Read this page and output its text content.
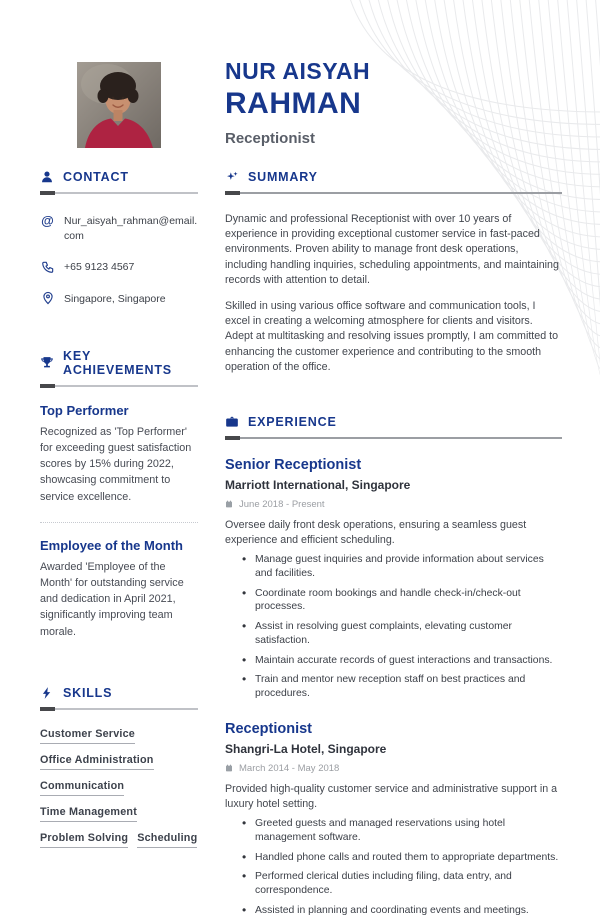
NUR AISYAH
RAHMAN
Receptionist
CONTACT
@
Nur_aisyah_rahman@email.com
+65 9123 4567
Singapore, Singapore
KEY ACHIEVEMENTS
Top Performer
Recognized as 'Top Performer' for exceeding guest satisfaction scores by 15% during 2022, showcasing commitment to service excellence.
Employee of the Month
Awarded 'Employee of the Month' for outstanding service and dedication in April 2021, significantly improving team morale.
SKILLS
Customer Service
Office Administration
Communication
Time Management
Problem Solving Scheduling
SUMMARY

Dynamic and professional Receptionist with over 10 years of experience in providing exceptional customer service in fast-paced environments. Proven ability to manage front desk operations, including handling inquiries, scheduling appointments, and maintaining records with attention to detail.

Skilled in using various office software and communication tools, I excel in creating a welcoming atmosphere for clients and visitors. Adept at multitasking and resolving issues promptly, I am committed to enhancing the customer experience and contributing to the smooth operation of the office.

EXPERIENCE
Senior Receptionist
Marriott International, Singapore
June 2018 - Present

Oversee daily front desk operations, ensuring a seamless guest experience and efficient scheduling.

• Manage guest inquiries and provide information about services and facilities.
• Coordinate room bookings and handle check-in/check-out processes.
• Assist in resolving guest complaints, elevating customer satisfaction.
• Maintain accurate records of guest interactions and transactions.
• Train and mentor new reception staff on best practices and procedures.
Receptionist
Shangri-La Hotel, Singapore
March 2014 - May 2018

Provided high-quality customer service and administrative support in a luxury hotel setting.

• Greeted guests and managed reservations using hotel management software.
• Handled phone calls and routed them to appropriate departments.
• Performed clerical duties including filing, data entry, and correspondence.
• Assisted in planning and coordinating events and meetings.
